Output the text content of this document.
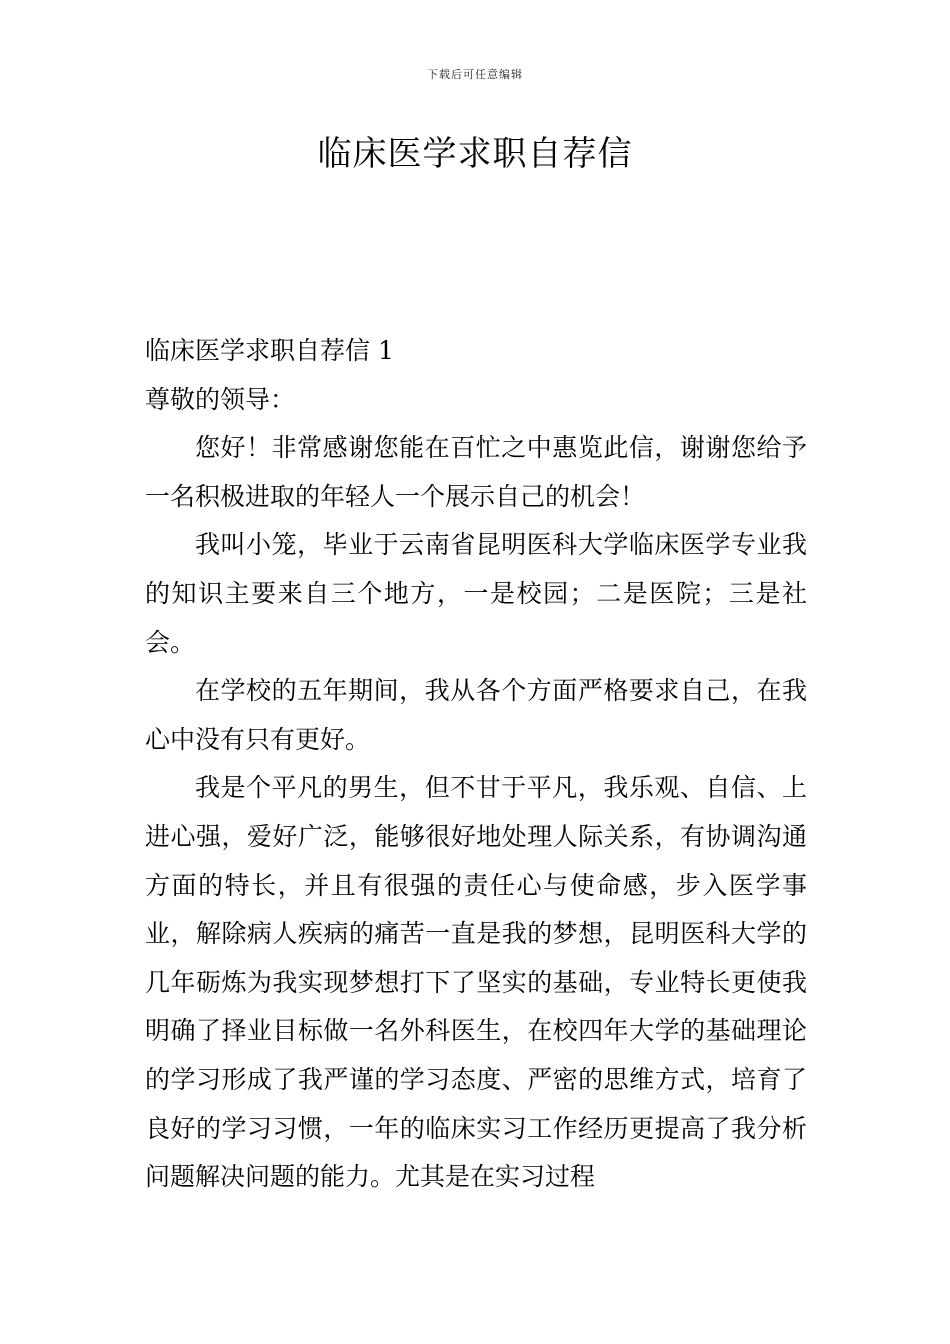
下载后可任意编辑
临床医学求职自荐信

临床医学求职自荐信 1

尊敬的领导：

您好！非常感谢您能在百忙之中惠览此信，谢谢您给予一名积极进取的年轻人一个展示自己的机会！

我叫小笼，毕业于云南省昆明医科大学临床医学专业我的知识主要来自三个地方，一是校园；二是医院；三是社会。

在学校的五年期间，我从各个方面严格要求自己，在我心中没有只有更好。

我是个平凡的男生，但不甘于平凡，我乐观、自信、上进心强，爱好广泛，能够很好地处理人际关系，有协调沟通方面的特长，并且有很强的责任心与使命感，步入医学事业，解除病人疾病的痛苦一直是我的梦想，昆明医科大学的几年砺炼为我实现梦想打下了坚实的基础，专业特长更使我明确了择业目标做一名外科医生，在校四年大学的基础理论的学习形成了我严谨的学习态度、严密的思维方式，培育了良好的学习习惯，一年的临床实习工作经历更提高了我分析问题解决问题的能力。尤其是在实习过程
